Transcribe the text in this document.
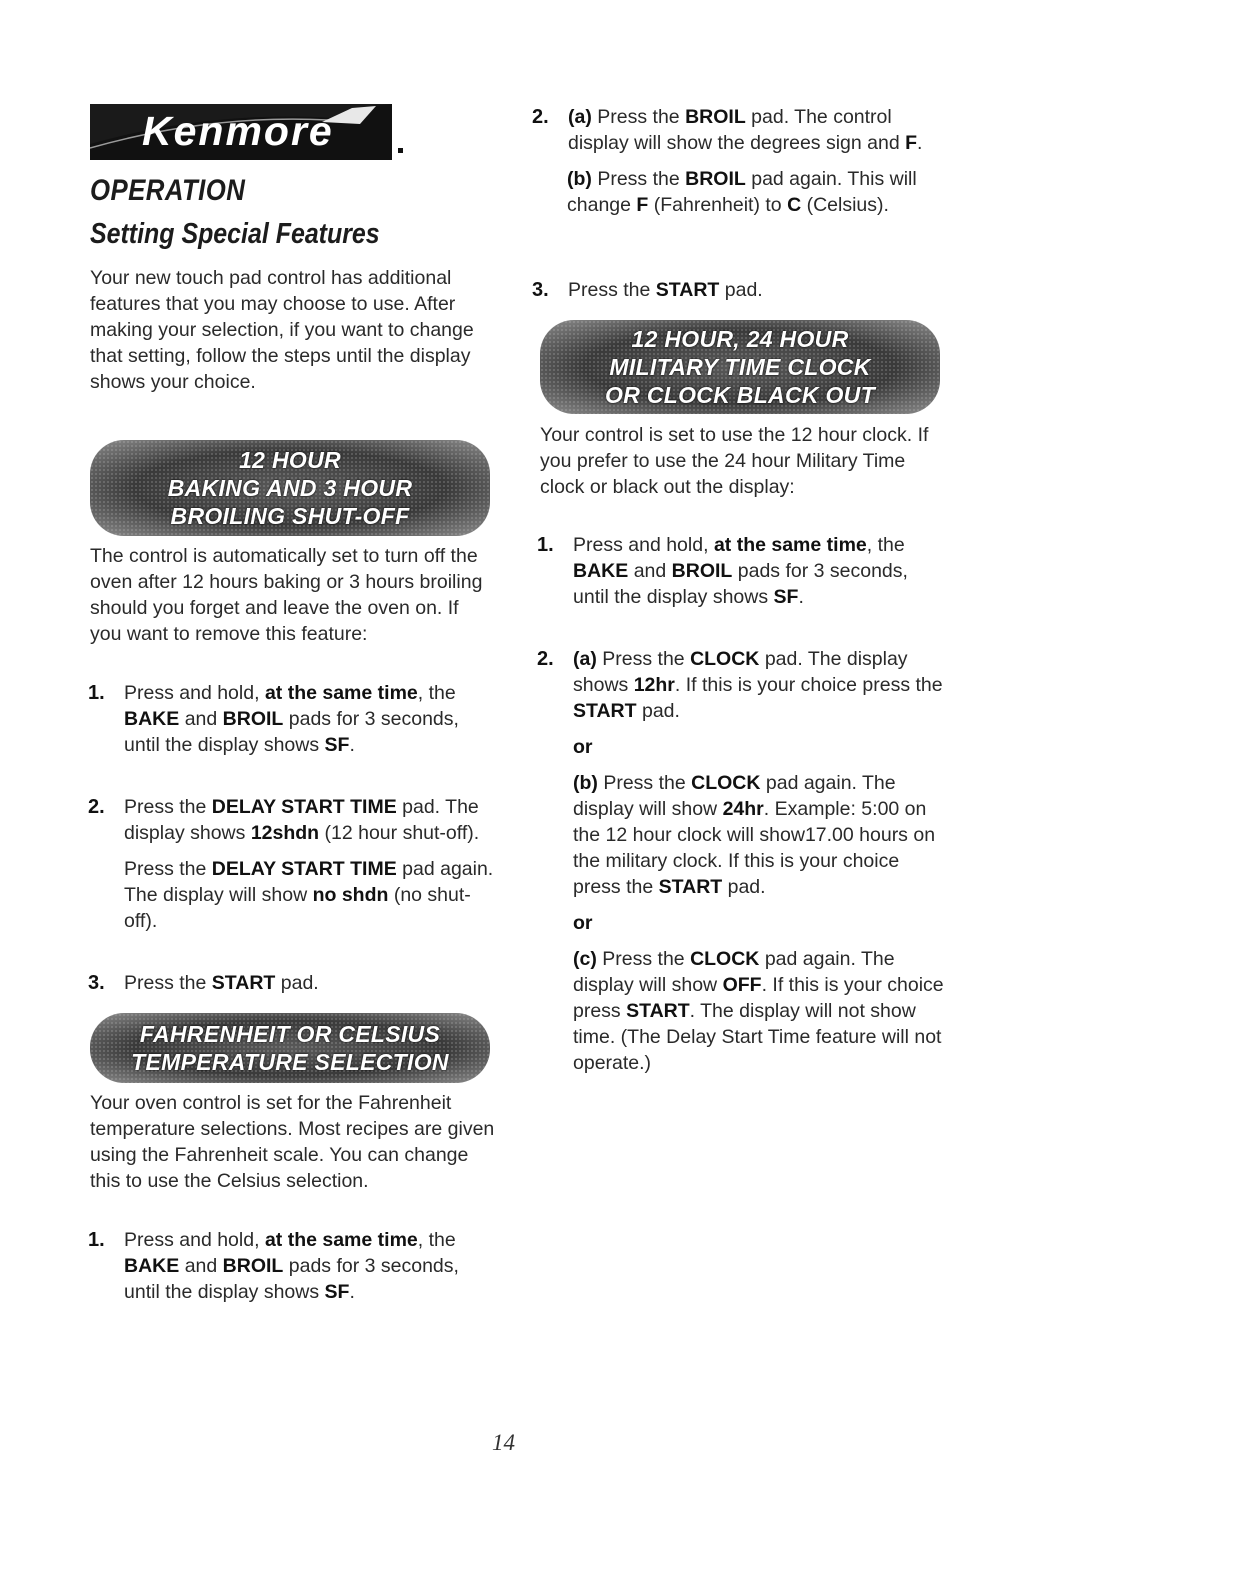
Kenmore
OPERATION
Setting Special Features
Your new touch pad control has additional features that you may choose to use. After making your selection, if you want to change that setting, follow the steps until the display shows your choice.
12 HOUR
BAKING AND 3 HOUR
BROILING SHUT-OFF
The control is automatically set to turn off the oven after 12 hours baking or 3 hours broiling should you forget and leave the oven on. If you want to remove this feature:
1. Press and hold, at the same time, the BAKE and BROIL pads for 3 seconds, until the display shows SF.
2. Press the DELAY START TIME pad. The display shows 12shdn (12 hour shut-off).

Press the DELAY START TIME pad again. The display will show no shdn (no shut-off).

3. Press the START pad.
FAHRENHEIT OR CELSIUS
TEMPERATURE SELECTION
Your oven control is set for the Fahrenheit temperature selections. Most recipes are given using the Fahrenheit scale. You can change this to use the Celsius selection.
1. Press and hold, at the same time, the BAKE and BROIL pads for 3 seconds, until the display shows SF.
2. (a) Press the BROIL pad. The control display will show the degrees sign and F.

(b) Press the BROIL pad again. This will change F (Fahrenheit) to C (Celsius).

3. Press the START pad.
12 HOUR, 24 HOUR
MILITARY TIME CLOCK
OR CLOCK BLACK OUT
Your control is set to use the 12 hour clock. If you prefer to use the 24 hour Military Time clock or black out the display:
1. Press and hold, at the same time, the BAKE and BROIL pads for 3 seconds, until the display shows SF.
2. (a) Press the CLOCK pad. The display shows 12hr. If this is your choice press the START pad.

or

(b) Press the CLOCK pad again. The display will show 24hr. Example: 5:00 on the 12 hour clock will show17.00 hours on the military clock. If this is your choice press the START pad.

or

(c) Press the CLOCK pad again. The display will show OFF. If this is your choice press START. The display will not show time. (The Delay Start Time feature will not operate.)

14
